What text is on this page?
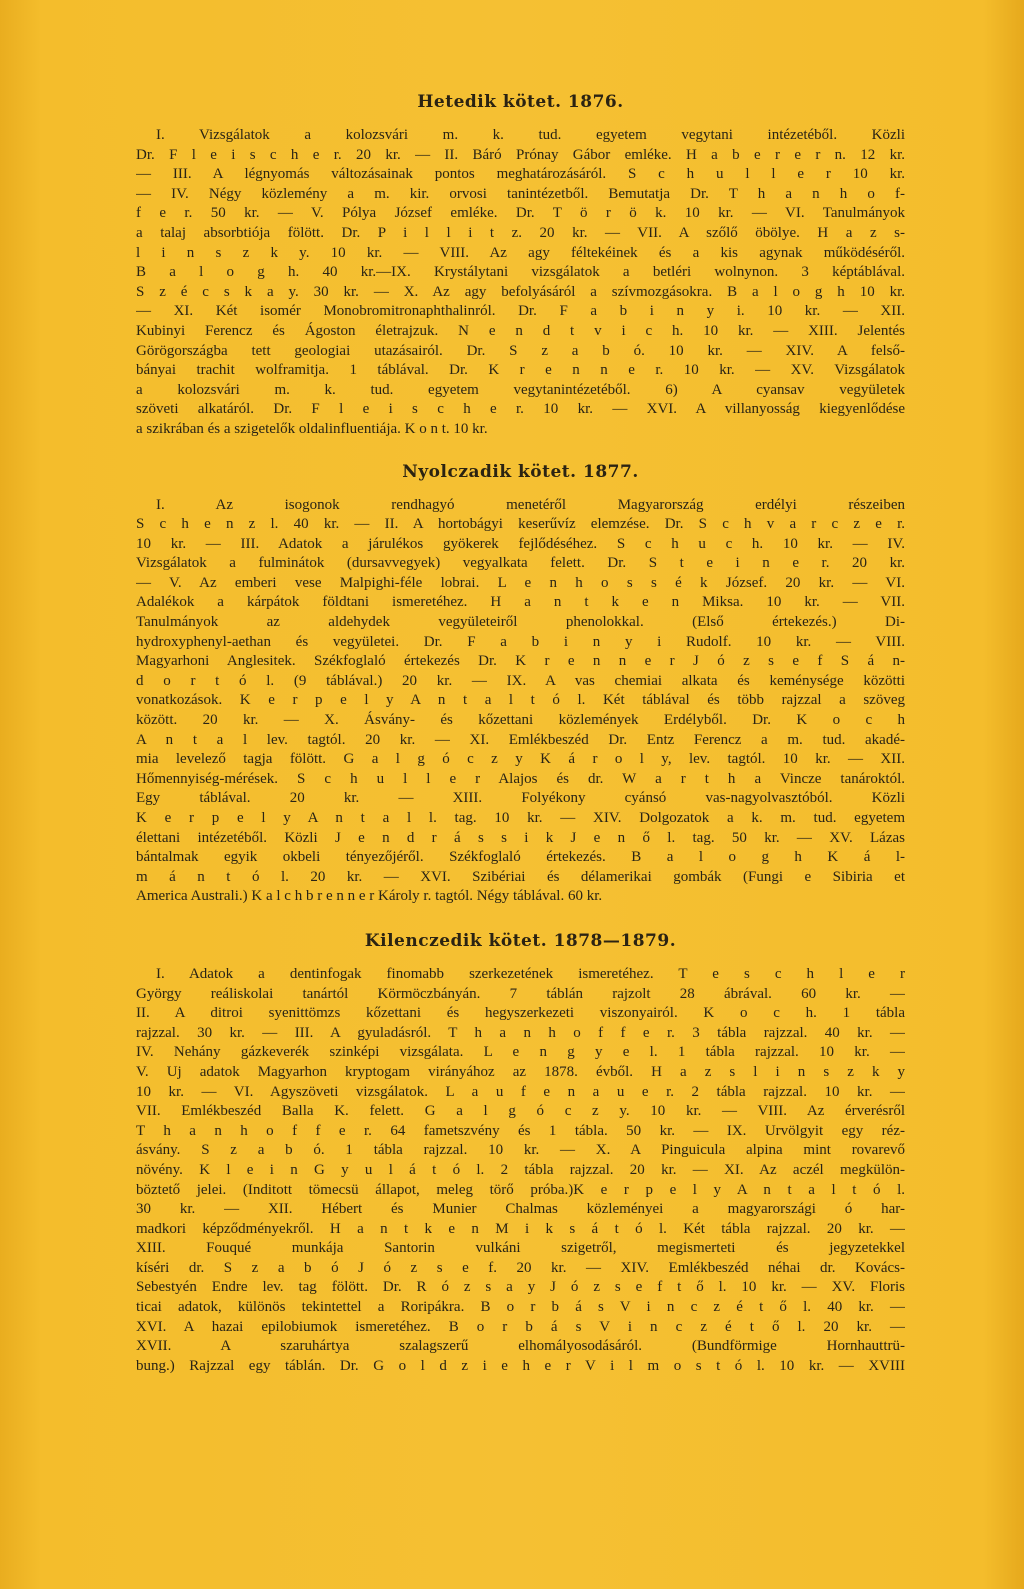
Hetedik kötet. 1876.
I. Vizsgálatok a kolozsvári m. k. tud. egyetem vegytani intézetéből. Közli
Dr. F l e i s c h e r. 20 kr. — II. Báró Prónay Gábor emléke. H a b e r e r n. 12 kr.
— III. A légnyomás változásainak pontos meghatározásáról. S c h u l l e r 10 kr.
— IV. Négy közlemény a m. kir. orvosi tanintézetből. Bemutatja Dr. T h a n h o f-
f e r. 50 kr. — V. Pólya József emléke. Dr. T ö r ö k. 10 kr. — VI. Tanulmányok
a talaj absorbtiója fölött. Dr. P i l l i t z. 20 kr. — VII. A szőlő öbölye. H a z s-
l i n s z k y. 10 kr. — VIII. Az agy féltekéinek és a kis agynak működéséről.
B a l o g h. 40 kr.—IX. Krystálytani vizsgálatok a betléri wolnynon. 3 képtáblával.
S z é c s k a y. 30 kr. — X. Az agy befolyásáról a szívmozgásokra. B a l o g h 10 kr.
— XI. Két isomér Monobromitronaphthalinról. Dr. F a b i n y i. 10 kr. — XII.
Kubinyi Ferencz és Ágoston életrajzuk. N e n d t v i c h. 10 kr. — XIII. Jelentés
Görögországba tett geologiai utazásairól. Dr. S z a b ó. 10 kr. — XIV. A felső-
bányai trachit wolframitja. 1 táblával. Dr. K r e n n e r. 10 kr. — XV. Vizsgálatok
a kolozsvári m. k. tud. egyetem vegytanintézetéből. 6) A cyansav vegyületek
szöveti alkatáról. Dr. F l e i s c h e r. 10 kr. — XVI. A villanyosság kiegyenlődése
a szikrában és a szigetelők oldalinfluentiája. K o n t. 10 kr.
Nyolczadik kötet. 1877.
I. Az isogonok rendhagyó menetéről Magyarország erdélyi részeiben
S c h e n z l. 40 kr. — II. A hortobágyi keserűvíz elemzése. Dr. S c h v a r c z e r.
10 kr. — III. Adatok a járulékos gyökerek fejlődéséhez. S c h u c h. 10 kr. — IV.
Vizsgálatok a fulminátok (dursavvegyek) vegyalkata felett. Dr. S t e i n e r. 20 kr.
— V. Az emberi vese Malpighi-féle lobrai. L e n h o s s é k József. 20 kr. — VI.
Adalékok a kárpátok földtani ismeretéhez. H a n t k e n Miksa. 10 kr. — VII.
Tanulmányok az aldehydek vegyületeiről phenolokkal. (Első értekezés.) Di-
hydroxyphenyl-aethan és vegyületei. Dr. F a b i n y i Rudolf. 10 kr. — VIII.
Magyarhoni Anglesitek. Székfoglaló értekezés Dr. K r e n n e r J ó z s e f S á n-
d o r t ó l. (9 táblával.) 20 kr. — IX. A vas chemiai alkata és keménysége közötti
vonatkozások. K e r p e l y A n t a l t ó l. Két táblával és több rajzzal a szöveg
között. 20 kr. — X. Ásvány- és kőzettani közlemények Erdélyből. Dr. K o c h
A n t a l lev. tagtól. 20 kr. — XI. Emlékbeszéd Dr. Entz Ferencz a m. tud. akadé-
mia levelező tagja fölött. G a l g ó c z y K á r o l y, lev. tagtól. 10 kr. — XII.
Hőmennyiség-mérések. S c h u l l e r Alajos és dr. W a r t h a Vincze tanároktól.
Egy táblával. 20 kr. — XIII. Folyékony cyánsó vas-nagyolvasztóból. Közli
K e r p e l y A n t a l l. tag. 10 kr. — XIV. Dolgozatok a k. m. tud. egyetem
élettani intézetéből. Közli J e n d r á s s i k J e n ő l. tag. 50 kr. — XV. Lázas
bántalmak egyik okbeli tényezőjéről. Székfoglaló értekezés. B a l o g h K á l-
m á n t ó l. 20 kr. — XVI. Szibériai és délamerikai gombák (Fungi e Sibiria et
America Australi.) K a l c h b r e n n e r Károly r. tagtól. Négy táblával. 60 kr.
Kilenczedik kötet. 1878—1879.
I. Adatok a dentinfogak finomabb szerkezetének ismeretéhez. T e s c h l e r
György reáliskolai tanártól Körmöczbányán. 7 táblán rajzolt 28 ábrával. 60 kr. —
II. A ditroi syenittömzs kőzettani és hegyszerkezeti viszonyairól. K o c h. 1 tábla
rajzzal. 30 kr. — III. A gyuladásról. T h a n h o f f e r. 3 tábla rajzzal. 40 kr. —
IV. Nehány gázkeverék szinképi vizsgálata. L e n g y e l. 1 tábla rajzzal. 10 kr. —
V. Uj adatok Magyarhon kryptogam virányához az 1878. évből. H a z s l i n s z k y
10 kr. — VI. Agyszöveti vizsgálatok. L a u f e n a u e r. 2 tábla rajzzal. 10 kr. —
VII. Emlékbeszéd Balla K. felett. G a l g ó c z y. 10 kr. — VIII. Az érverésről
T h a n h o f f e r. 64 fametszvény és 1 tábla. 50 kr. — IX. Urvölgyit egy réz-
ásvány. S z a b ó. 1 tábla rajzzal. 10 kr. — X. A Pinguicula alpina mint rovarevő
növény. K l e i n G y u l á t ó l. 2 tábla rajzzal. 20 kr. — XI. Az aczél megkülön-
böztető jelei. (Inditott tömecsü állapot, meleg törő próba.)K e r p e l y A n t a l t ó l.
30 kr. — XII. Hébert és Munier Chalmas közleményei a magyarországi ó har-
madkori képződményekről. H a n t k e n M i k s á t ó l. Két tábla rajzzal. 20 kr. —
XIII. Fouqué munkája Santorin vulkáni szigetről, megismerteti és jegyzetekkel
kíséri dr. S z a b ó J ó z s e f. 20 kr. — XIV. Emlékbeszéd néhai dr. Kovács-
Sebestyén Endre lev. tag fölött. Dr. R ó z s a y J ó z s e f t ő l. 10 kr. — XV. Floris
ticai adatok, különös tekintettel a Roripákra. B o r b á s V i n c z é t ő l. 40 kr. —
XVI. A hazai epilobiumok ismeretéhez. B o r b á s V i n c z é t ő l. 20 kr. —
XVII. A szaruhártya szalagszerű elhomályosodásáról. (Bundförmige Hornhauttrü-
bung.) Rajzzal egy táblán. Dr. G o l d z i e h e r V i l m o s t ó l. 10 kr. — XVIII
